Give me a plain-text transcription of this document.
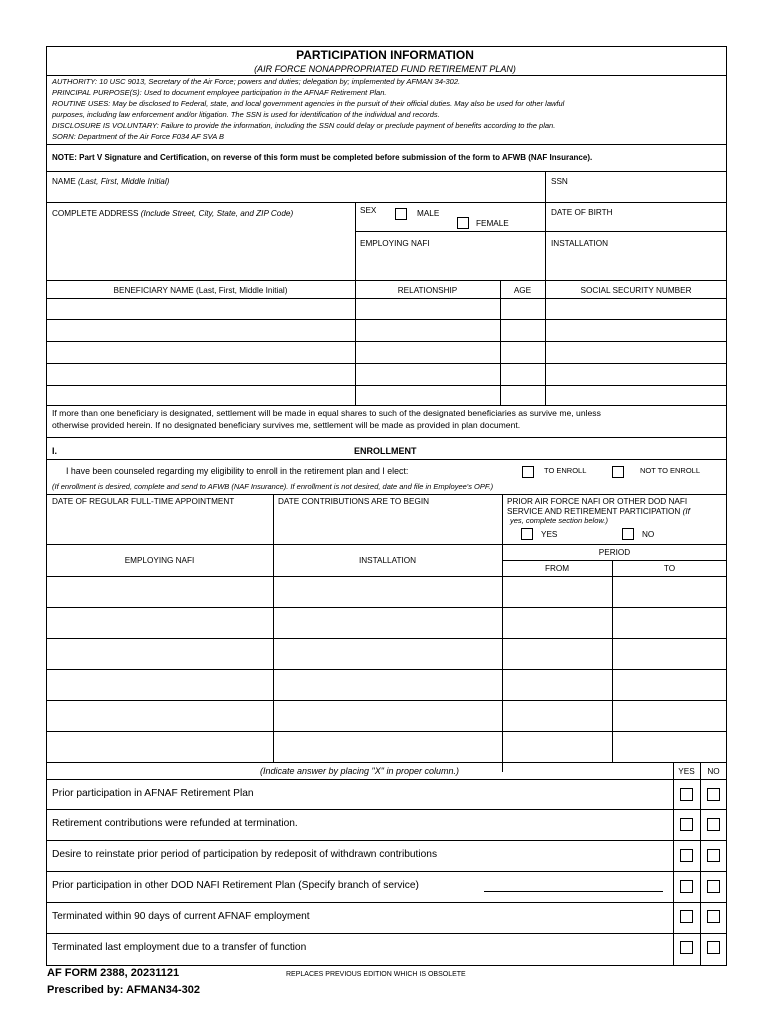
PARTICIPATION INFORMATION
(AIR FORCE NONAPPROPRIATED FUND RETIREMENT PLAN)
AUTHORITY: 10 USC 9013, Secretary of the Air Force; powers and duties; delegation by; implemented by AFMAN 34-302.
PRINCIPAL PURPOSE(S): Used to document employee participation in the AFNAF Retirement Plan.
ROUTINE USES: May be disclosed to Federal, state, and local government agencies in the pursuit of their official duties. May also be used for other lawful
purposes, including law enforcement and/or litigation. The SSN is used for identification of the individual and records.
DISCLOSURE IS VOLUNTARY: Failure to provide the information, including the SSN could delay or preclude payment of benefits according to the plan.
SORN: Department of the Air Force F034 AF SVA B
NOTE: Part V Signature and Certification, on reverse of this form must be completed before submission of the form to AFWB (NAF Insurance).
NAME (Last, First, Middle Initial)	SSN
COMPLETE ADDRESS (Include Street, City, State, and ZIP Code)	SEX	MALE
FEMALE
DATE OF BIRTH
EMPLOYING NAFI	INSTALLATION
BENEFICIARY NAME (Last, First, Middle Initial)	RELATIONSHIP	AGE	SOCIAL SECURITY NUMBER
If more than one beneficiary is designated, settlement will be made in equal shares to such of the designated beneficiaries as survive me, unless
otherwise provided herein. If no designated beneficiary survives me, settlement will be made as provided in plan document.
I.	ENROLLMENT
I have been counseled regarding my eligibility to enroll in the retirement plan and I elect:	TO ENROLL	NOT TO ENROLL
(If enrollment is desired, complete and send to AFWB (NAF Insurance). If enrollment is not desired, date and file in Employee's OPF.)
DATE OF REGULAR FULL-TIME APPOINTMENT	DATE CONTRIBUTIONS ARE TO BEGIN	PRIOR AIR FORCE NAFI OR OTHER DOD NAFI
SERVICE AND RETIREMENT PARTICIPATION (If
yes, complete section below.)
YES	NO
EMPLOYING NAFI	INSTALLATION
PERIOD
FROM	TO
(Indicate answer by placing "X" in proper column.)	YES	NO
Prior participation in AFNAF Retirement Plan
Retirement contributions were refunded at termination.
Desire to reinstate prior period of participation by redeposit of withdrawn contributions
Prior participation in other DOD NAFI Retirement Plan (Specify branch of service)
Terminated within 90 days of current AFNAF employment
Terminated last employment due to a transfer of function
AF FORM 2388, 20231121	REPLACES PREVIOUS EDITION WHICH IS OBSOLETE
Prescribed by: AFMAN34-302
